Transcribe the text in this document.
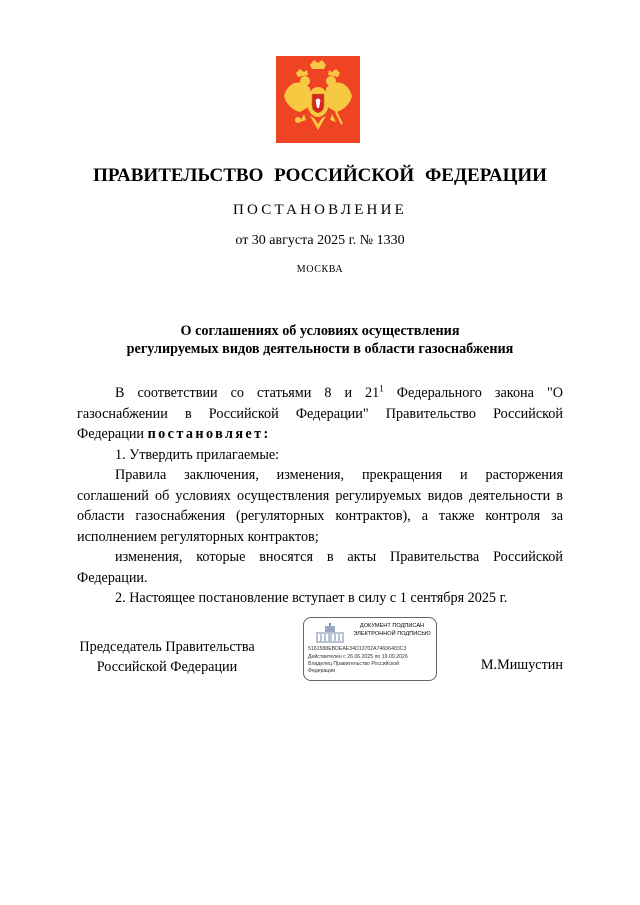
ПРАВИТЕЛЬСТВО РОССИЙСКОЙ ФЕДЕРАЦИИ
ПОСТАНОВЛЕНИЕ
от 30 августа 2025 г. № 1330
МОСКВА
О соглашениях об условиях осуществления
регулируемых видов деятельности в области газоснабжения

В соответствии со статьями 8 и $21^1$ Федерального закона "О газоснабжении в Российской Федерации" Правительство Российской Федерации постановляет:

1. Утвердить прилагаемые:

Правила заключения, изменения, прекращения и расторжения соглашений об условиях осуществления регулируемых видов деятельности в области газоснабжения (регуляторных контрактов), а также контроля за исполнением регуляторных контрактов;

изменения, которые вносятся в акты Правительства Российской Федерации.

2. Настоящее постановление вступает в силу с 1 сентября 2025 г.

Председатель Правительства
Российской Федерации
ДОКУМЕНТ ПОДПИСАН
ЭЛЕКТРОННОЙ ПОДПИСЬЮ
5161588EBDEAE34D13702A74606483C3
Действителен с 26.06.2025 по 19.09.2026
Владелец Правительство Российской
Федерации	М.Мишустин
